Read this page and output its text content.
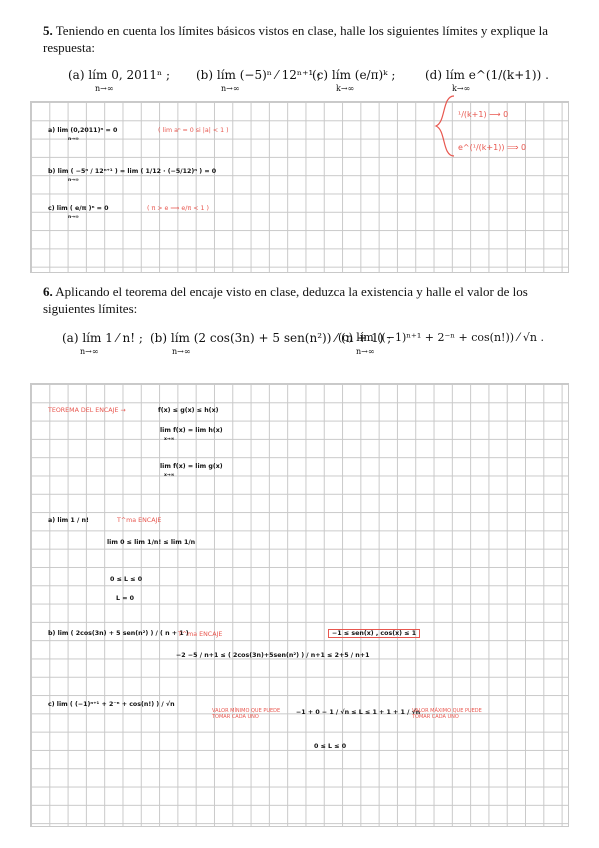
5. Teniendo en cuenta los límites básicos vistos en clase, halle los siguientes límites y explique la respuesta:
(a) lím 0, 2011ⁿ ;
n→∞
(b) lím (−5)ⁿ ⁄ 12ⁿ⁺¹ ;
n→∞
(c) lím (e/π)ᵏ ;
k→∞
(d) lím e^(1/(k+1)) .
k→∞
a) lim (0,2011)ⁿ = 0
n→∞
( lim aⁿ = 0 si |a| < 1 )
b) lim ( −5ⁿ / 12ⁿ⁺¹ ) = lim ( 1/12 · (−5/12)ⁿ ) = 0
n→∞
c) lim ( e/π )ⁿ = 0
n→∞
( π > e ⟹ e/π < 1 )
¹/(k+1) ⟶ 0
e^(¹/(k+1)) ⟹ 0
6. Aplicando el teorema del encaje visto en clase, deduzca la existencia y halle el valor de los siguientes límites:
(a) lím 1 ⁄ n! ;
n→∞
(b) lím (2 cos(3n) + 5 sen(n²)) ⁄ (n + 1) ;
n→∞
(c) lím ((−1)ⁿ⁺¹ + 2⁻ⁿ + cos(n!)) ⁄ √n .
n→∞
TEOREMA DEL ENCAJE →	f(x) ≤ g(x) ≤ h(x)
lim f(x) = lim h(x)
x→∞
lim f(x) = lim g(x)
x→∞
a) lim 1 / n!	T^ma ENCAJE
lim 0 ≤ lim 1/n! ≤ lim 1/n
0 ≤ L ≤ 0
L = 0
b) lim ( 2cos(3n) + 5 sen(n²) ) / ( n + 1 )
T^ma ENCAJE	−1 ≤ sen(x) , cos(x) ≤ 1
−2 −5 / n+1 ≤ ( 2cos(3n)+5sen(n²) ) / n+1 ≤ 2+5 / n+1
c) lim ( (−1)ⁿ⁺¹ + 2⁻ⁿ + cos(n!) ) / √n
VALOR MÍNIMO QUE PUEDE TOMAR CADA UNO
−1 + 0 − 1 / √n ≤ L ≤ 1 + 1 + 1 / √n
VALOR MÁXIMO QUE PUEDE TOMAR CADA UNO
0 ≤ L ≤ 0
